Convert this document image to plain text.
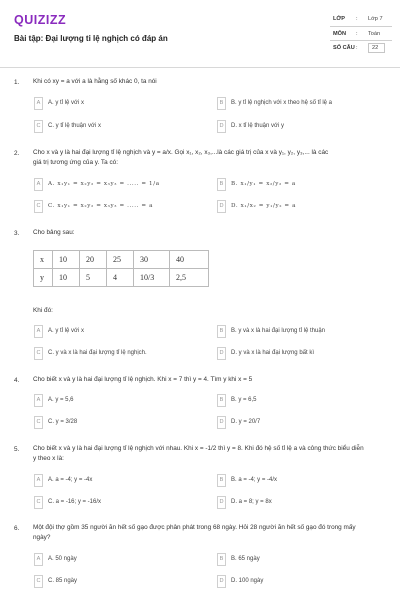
QUIZIZZ
Bài tập: Đại lượng tỉ lệ nghịch có đáp án
LỚP : Lớp 7
MÔN : Toán
SỐ CÂU :	22
1. Khi có xy = a với a là hằng số khác 0, ta nói
A	A. y tỉ lệ với x	B	B. y tỉ lệ nghịch với x theo hệ số tỉ lệ a
C	C. y tỉ lệ thuận với x	D	D. x tỉ lệ thuận với y
2. Cho x và y là hai đại lượng tỉ lệ nghịch và y = a/x. Gọi x₁, x₂, x₃,...là các giá trị của x và y₁, y₂, y₃,... là các
giá trị tương ứng của y. Ta có:
A	A. x₁y₁ = x₂y₂ = x₃y₃ = ..... = 1/a	B	B. x₁/y₁ = x₂/y₂ = a
C	C. x₁y₁ = x₂y₂ = x₃y₃ = ..... = a	D	D. x₁/x₂ = y₁/y₂ = a
3. Cho bảng sau:
x	10	20	25	30	40
y	10	5	4	10/3	2,5
Khi đó:
A	A. y tỉ lệ với x	B	B. y và x là hai đại lượng tỉ lệ thuận
C	C. y và x là hai đại lượng tỉ lệ nghịch.	D	D. y và x là hai đại lượng bất kì
4. Cho biết x và y là hai đại lượng tỉ lệ nghịch. Khi x = 7 thì y = 4. Tìm y khi x = 5
A	A. y = 5,6	B	B. y = 6,5
C	C. y = 3/28	D	D. y = 20/7
5. Cho biết x và y là hai đại lượng tỉ lệ nghịch với nhau. Khi x = -1/2 thì y = 8. Khi đó hệ số tỉ lệ a và công thức biểu diễn
y theo x là:
A	A. a = -4; y = -4x	B	B. a = -4; y = -4/x
C	C. a = -16; y = -16/x	D	D. a = 8; y = 8x
6. Một đội thợ gồm 35 người ăn hết số gạo được phân phát trong 68 ngày. Hỏi 28 người ăn hết số gạo đó trong mấy
ngày?
A	A. 50 ngày	B	B. 65 ngày
C	C. 85 ngày	D	D. 100 ngày
